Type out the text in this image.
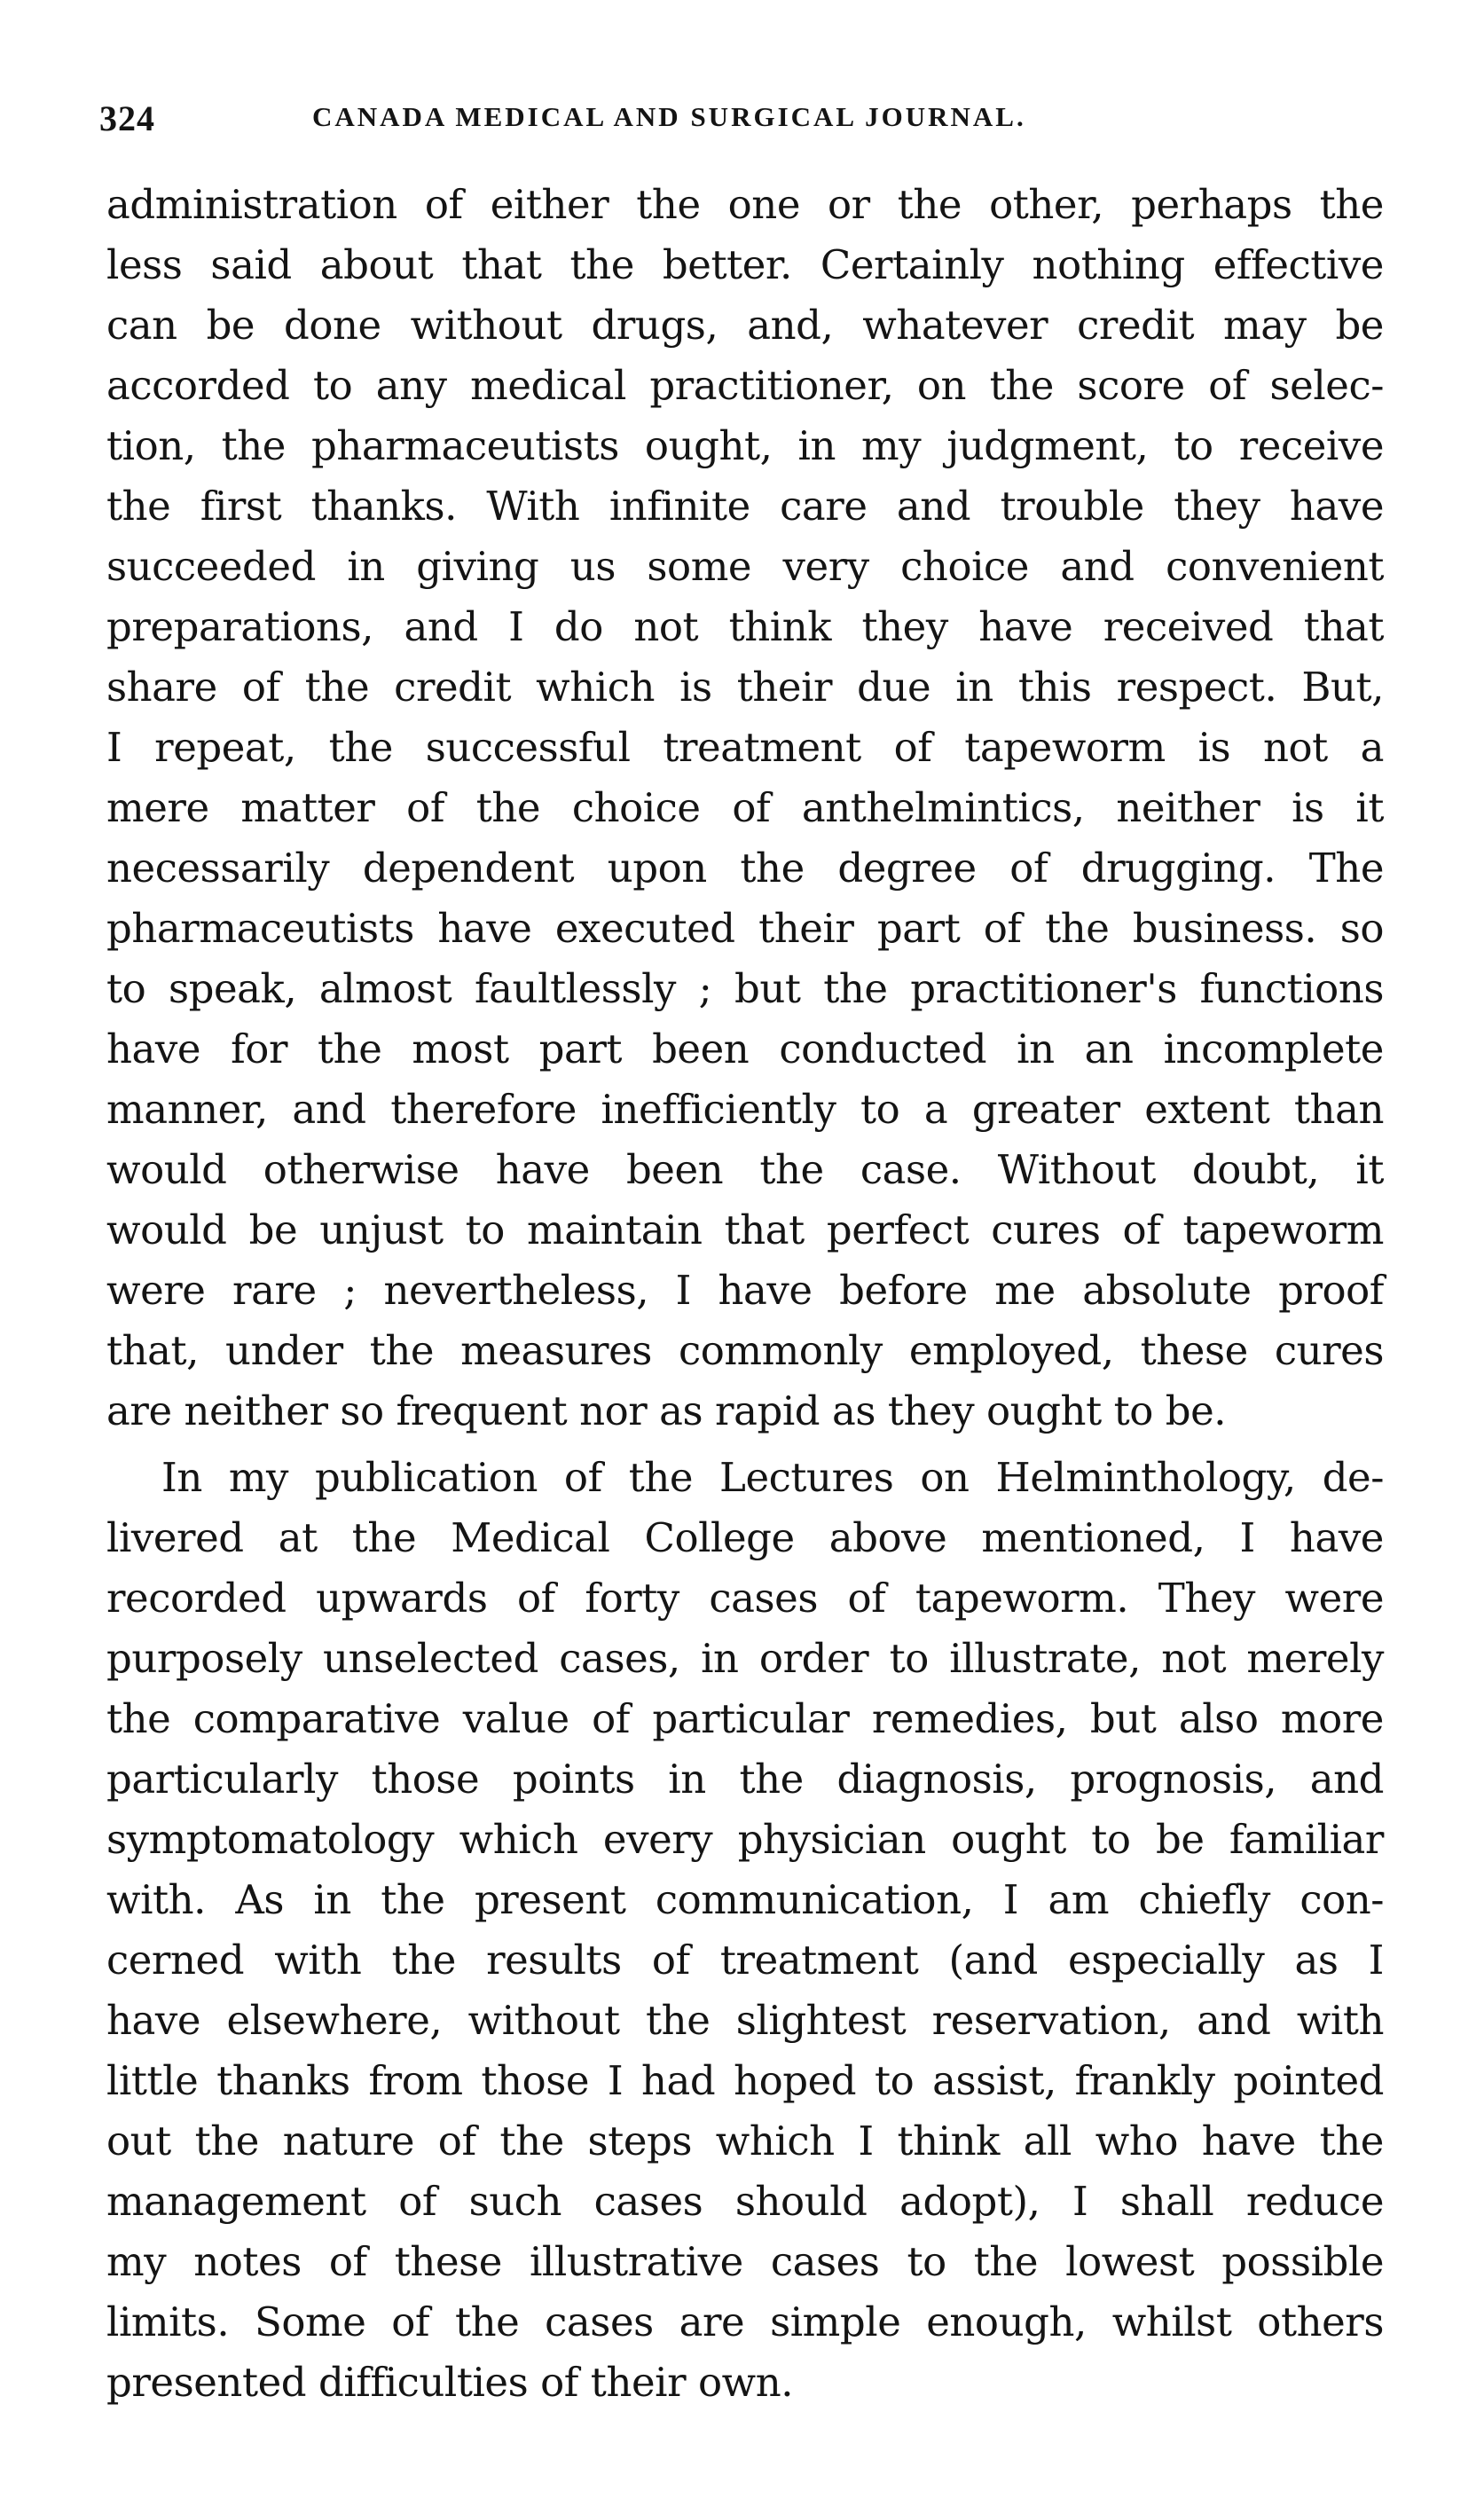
324	CANADA MEDICAL AND SURGICAL JOURNAL.
administration of either the one or the other, perhaps the
less said about that the better. Certainly nothing effective
can be done without drugs, and, whatever credit may be
accorded to any medical practitioner, on the score of selec-
tion, the pharmaceutists ought, in my judgment, to receive
the first thanks. With infinite care and trouble they have
succeeded in giving us some very choice and convenient
preparations, and I do not think they have received that
share of the credit which is their due in this respect. But,
I repeat, the successful treatment of tapeworm is not a
mere matter of the choice of anthelmintics, neither is it
necessarily dependent upon the degree of drugging. The
pharmaceutists have executed their part of the business. so
to speak, almost faultlessly ; but the practitioner's functions
have for the most part been conducted in an incomplete
manner, and therefore inefficiently to a greater extent than
would otherwise have been the case. Without doubt, it
would be unjust to maintain that perfect cures of tapeworm
were rare ; nevertheless, I have before me absolute proof
that, under the measures commonly employed, these cures
are neither so frequent nor as rapid as they ought to be.
In my publication of the Lectures on Helminthology, de-
livered at the Medical College above mentioned, I have
recorded upwards of forty cases of tapeworm. They were
purposely unselected cases, in order to illustrate, not merely
the comparative value of particular remedies, but also more
particularly those points in the diagnosis, prognosis, and
symptomatology which every physician ought to be familiar
with. As in the present communication, I am chiefly con-
cerned with the results of treatment (and especially as I
have elsewhere, without the slightest reservation, and with
little thanks from those I had hoped to assist, frankly pointed
out the nature of the steps which I think all who have the
management of such cases should adopt), I shall reduce
my notes of these illustrative cases to the lowest possible
limits. Some of the cases are simple enough, whilst others
presented difficulties of their own.
